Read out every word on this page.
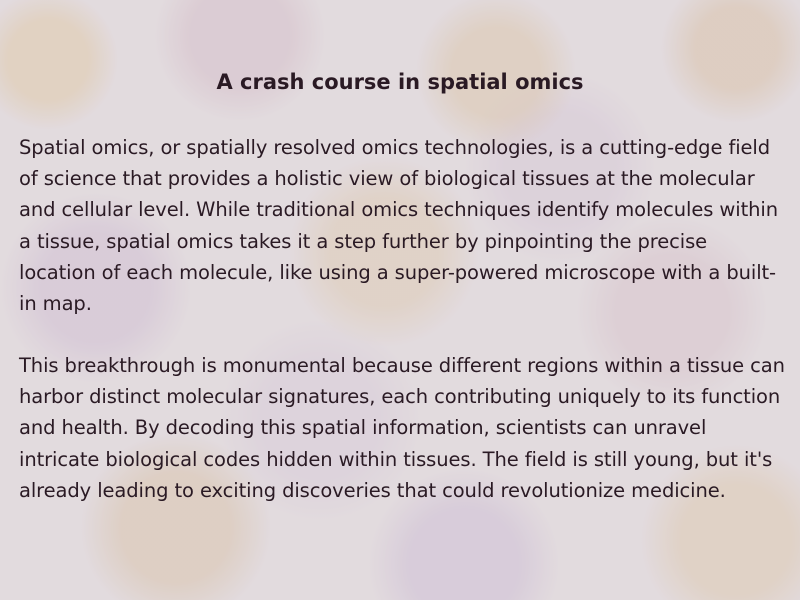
A crash course in spatial omics

Spatial omics, or spatially resolved omics technologies, is a cutting-edge field of science that provides a holistic view of biological tissues at the molecular and cellular level. While traditional omics techniques identify molecules within a tissue, spatial omics takes it a step further by pinpointing the precise location of each molecule, like using a super-powered microscope with a built-in map.

This breakthrough is monumental because different regions within a tissue can harbor distinct molecular signatures, each contributing uniquely to its function and health. By decoding this spatial information, scientists can unravel intricate biological codes hidden within tissues. The field is still young, but it's already leading to exciting discoveries that could revolutionize medicine.
